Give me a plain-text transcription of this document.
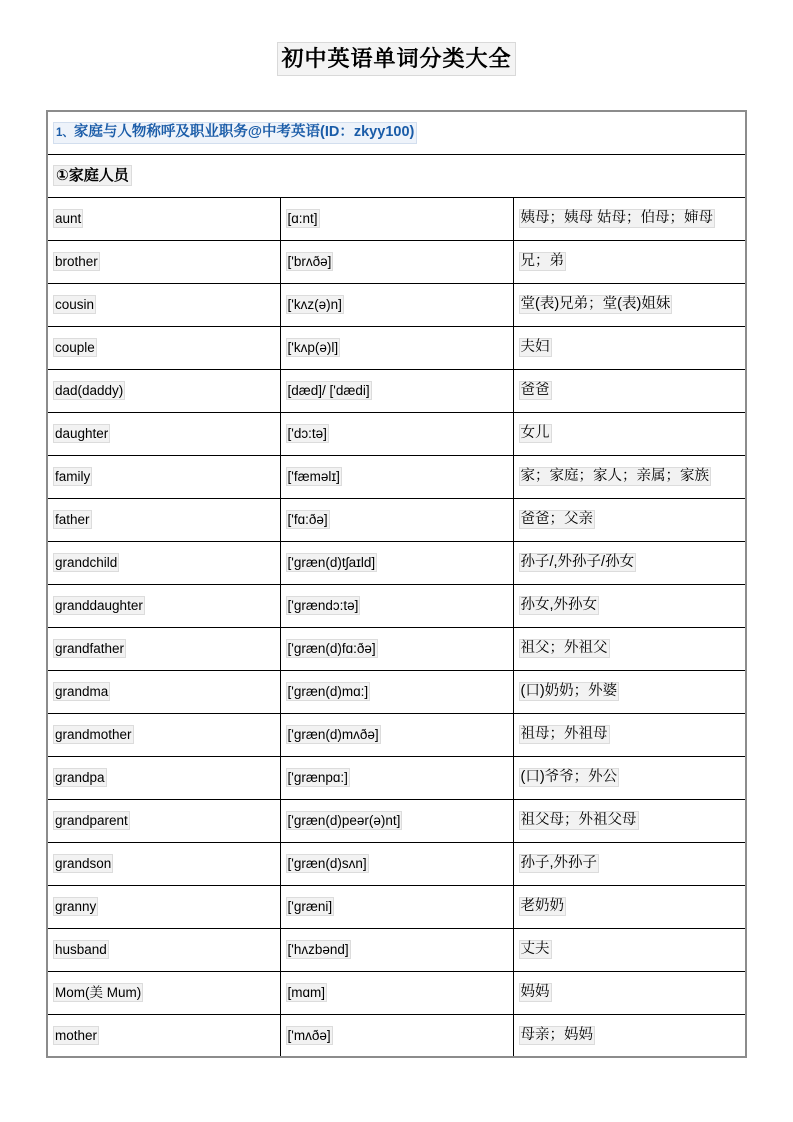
初中英语单词分类大全
1、家庭与人物称呼及职业职务@中考英语(ID：zkyy100)		
①家庭人员		
aunt	[ɑ:nt]	姨母；姨母 姑母；伯母；婶母
brother	['brʌðə]	兄；弟
cousin	['kʌz(ə)n]	堂(表)兄弟；堂(表)姐妹
couple	['kʌp(ə)l]	夫妇
dad(daddy)	[dæd]/ ['dædi]	爸爸
daughter	['dɔ:tə]	女儿
family	['fæməlɪ]	家；家庭；家人；亲属；家族
father	['fɑ:ðə]	爸爸；父亲
grandchild	['græn(d)tʃaɪld]	孙子/,外孙子/孙女
granddaughter	['grændɔ:tə]	孙女,外孙女
grandfather	['græn(d)fɑ:ðə]	祖父；外祖父
grandma	['græn(d)mɑ:]	(口)奶奶；外婆
grandmother	['græn(d)mʌðə]	祖母；外祖母
grandpa	['grænpɑ:]	(口)爷爷；外公
grandparent	['græn(d)peər(ə)nt]	祖父母；外祖父母
grandson	['græn(d)sʌn]	孙子,外孙子
granny	['græni]	老奶奶
husband	['hʌzbənd]	丈夫
Mom(美 Mum)	[mɑm]	妈妈
mother	['mʌðə]	母亲；妈妈
